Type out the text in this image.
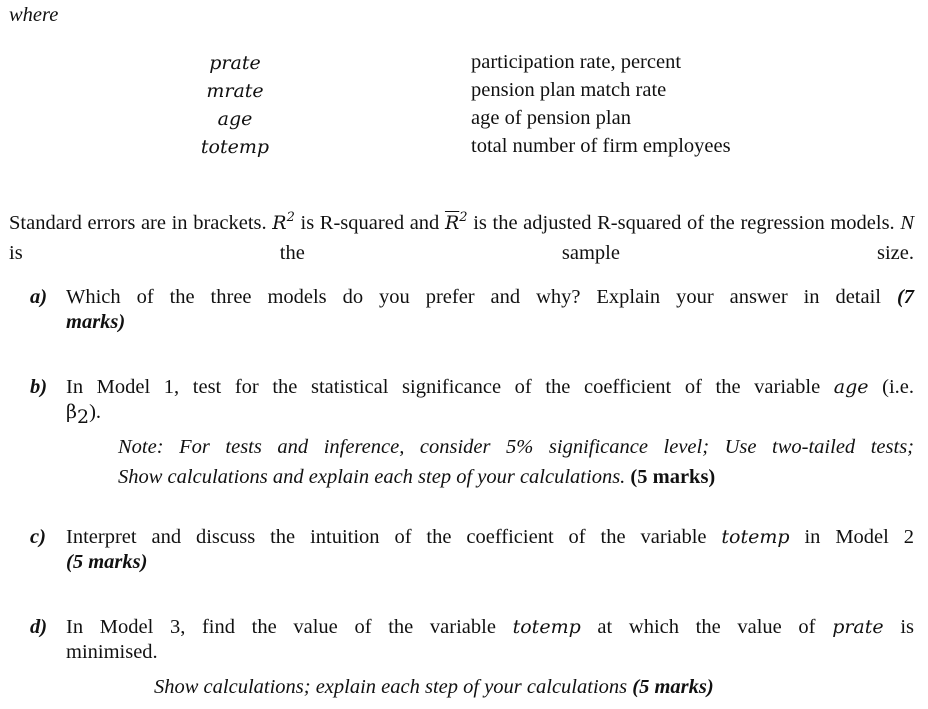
where
prate	participation rate, percent
mrate	pension plan match rate
age	age of pension plan
totemp	total number of firm employees
Standard errors are in brackets. $R^2$ is R-squared and $\overline{R}^2$ is the adjusted R-squared of the regression models. N is the sample size.
a) Which of the three models do you prefer and why? Explain your answer in detail (7
marks)
b) In Model 1, test for the statistical significance of the coefficient of the variable age (i.e.
$\beta_2$).
Note: For tests and inference, consider 5% significance level; Use two-tailed tests;
Show calculations and explain each step of your calculations. (5 marks)
c) Interpret and discuss the intuition of the coefficient of the variable totemp in Model 2
(5 marks)
d) In Model 3, find the value of the variable totemp at which the value of prate is
minimised.
Show calculations; explain each step of your calculations (5 marks)
